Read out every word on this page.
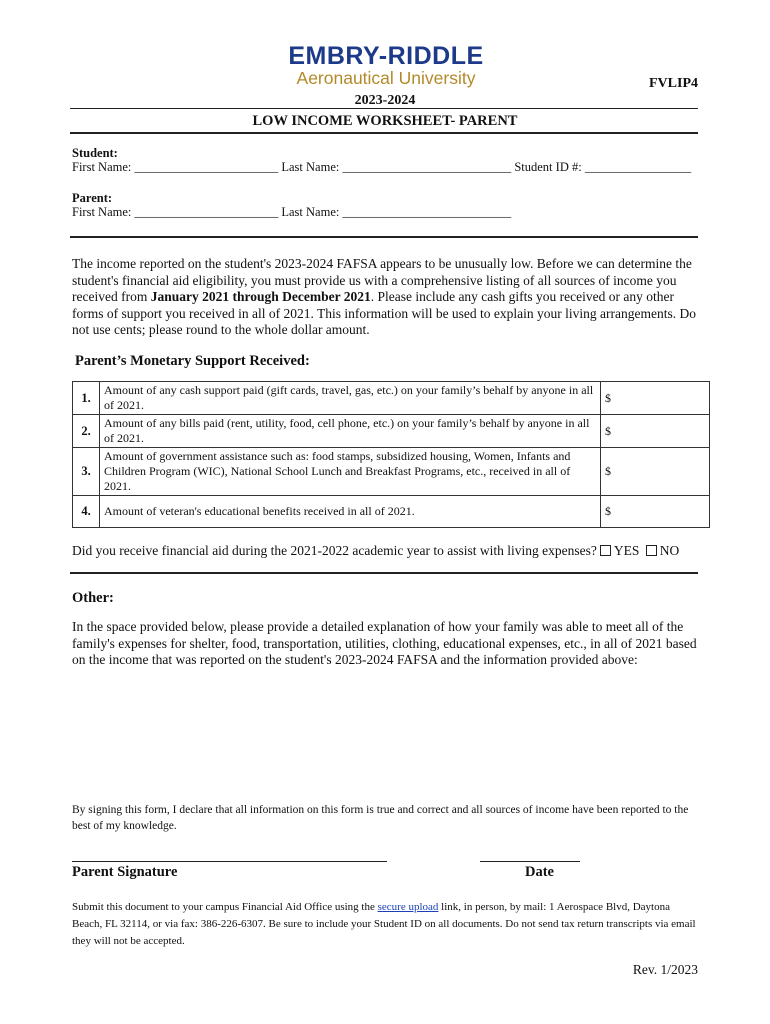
EMBRY-RIDDLE
Aeronautical University	FVLIP4
2023-2024
LOW INCOME WORKSHEET- PARENT
Student:
First Name: _______________________ Last Name: ___________________________ Student ID #: _________________
Parent:
First Name: _______________________ Last Name: ___________________________
The income reported on the student's 2023-2024 FAFSA appears to be unusually low. Before we can determine the student's financial aid eligibility, you must provide us with a comprehensive listing of all sources of income you received from January 2021 through December 2021. Please include any cash gifts you received or any other forms of support you received in all of 2021. This information will be used to explain your living arrangements. Do not use cents; please round to the whole dollar amount.
Parent’s Monetary Support Received:
1.	Amount of any cash support paid (gift cards, travel, gas, etc.) on your family’s behalf by anyone in all of 2021.	$
2.	Amount of any bills paid (rent, utility, food, cell phone, etc.) on your family’s behalf by anyone in all of 2021.	$
3.	Amount of government assistance such as: food stamps, subsidized housing, Women, Infants and Children Program (WIC), National School Lunch and Breakfast Programs, etc., received in all of 2021.	$
4.	Amount of veteran's educational benefits received in all of 2021.	$
Did you receive financial aid during the 2021-2022 academic year to assist with living expenses? YES NO
Other:
In the space provided below, please provide a detailed explanation of how your family was able to meet all of the family's expenses for shelter, food, transportation, utilities, clothing, educational expenses, etc., in all of 2021 based on the income that was reported on the student's 2023-2024 FAFSA and the information provided above:
By signing this form, I declare that all information on this form is true and correct and all sources of income have been reported to the best of my knowledge.
Parent Signature	Date
Submit this document to your campus Financial Aid Office using the secure upload link, in person, by mail: 1 Aerospace Blvd, Daytona Beach, FL 32114, or via fax: 386-226-6307. Be sure to include your Student ID on all documents. Do not send tax return transcripts via email they will not be accepted.
Rev. 1/2023
